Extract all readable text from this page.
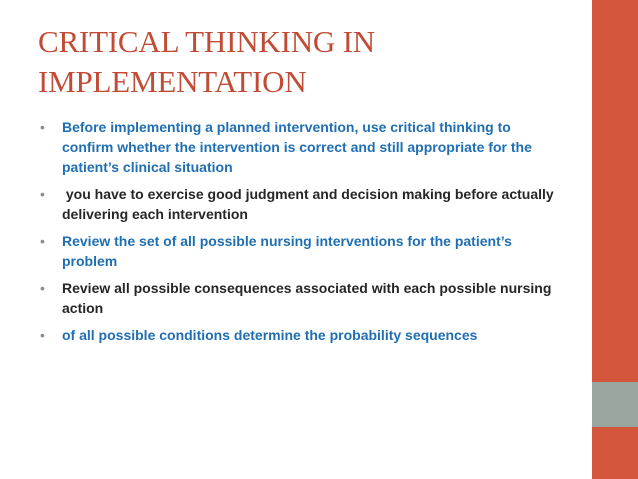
CRITICAL THINKING IN IMPLEMENTATION
• Before implementing a planned intervention, use critical thinking to confirm whether the intervention is correct and still appropriate for the patient’s clinical situation
• you have to exercise good judgment and decision making before actually delivering each intervention
• Review the set of all possible nursing interventions for the patient’s problem
• Review all possible consequences associated with each possible nursing action
• of all possible conditions determine the probability sequences
